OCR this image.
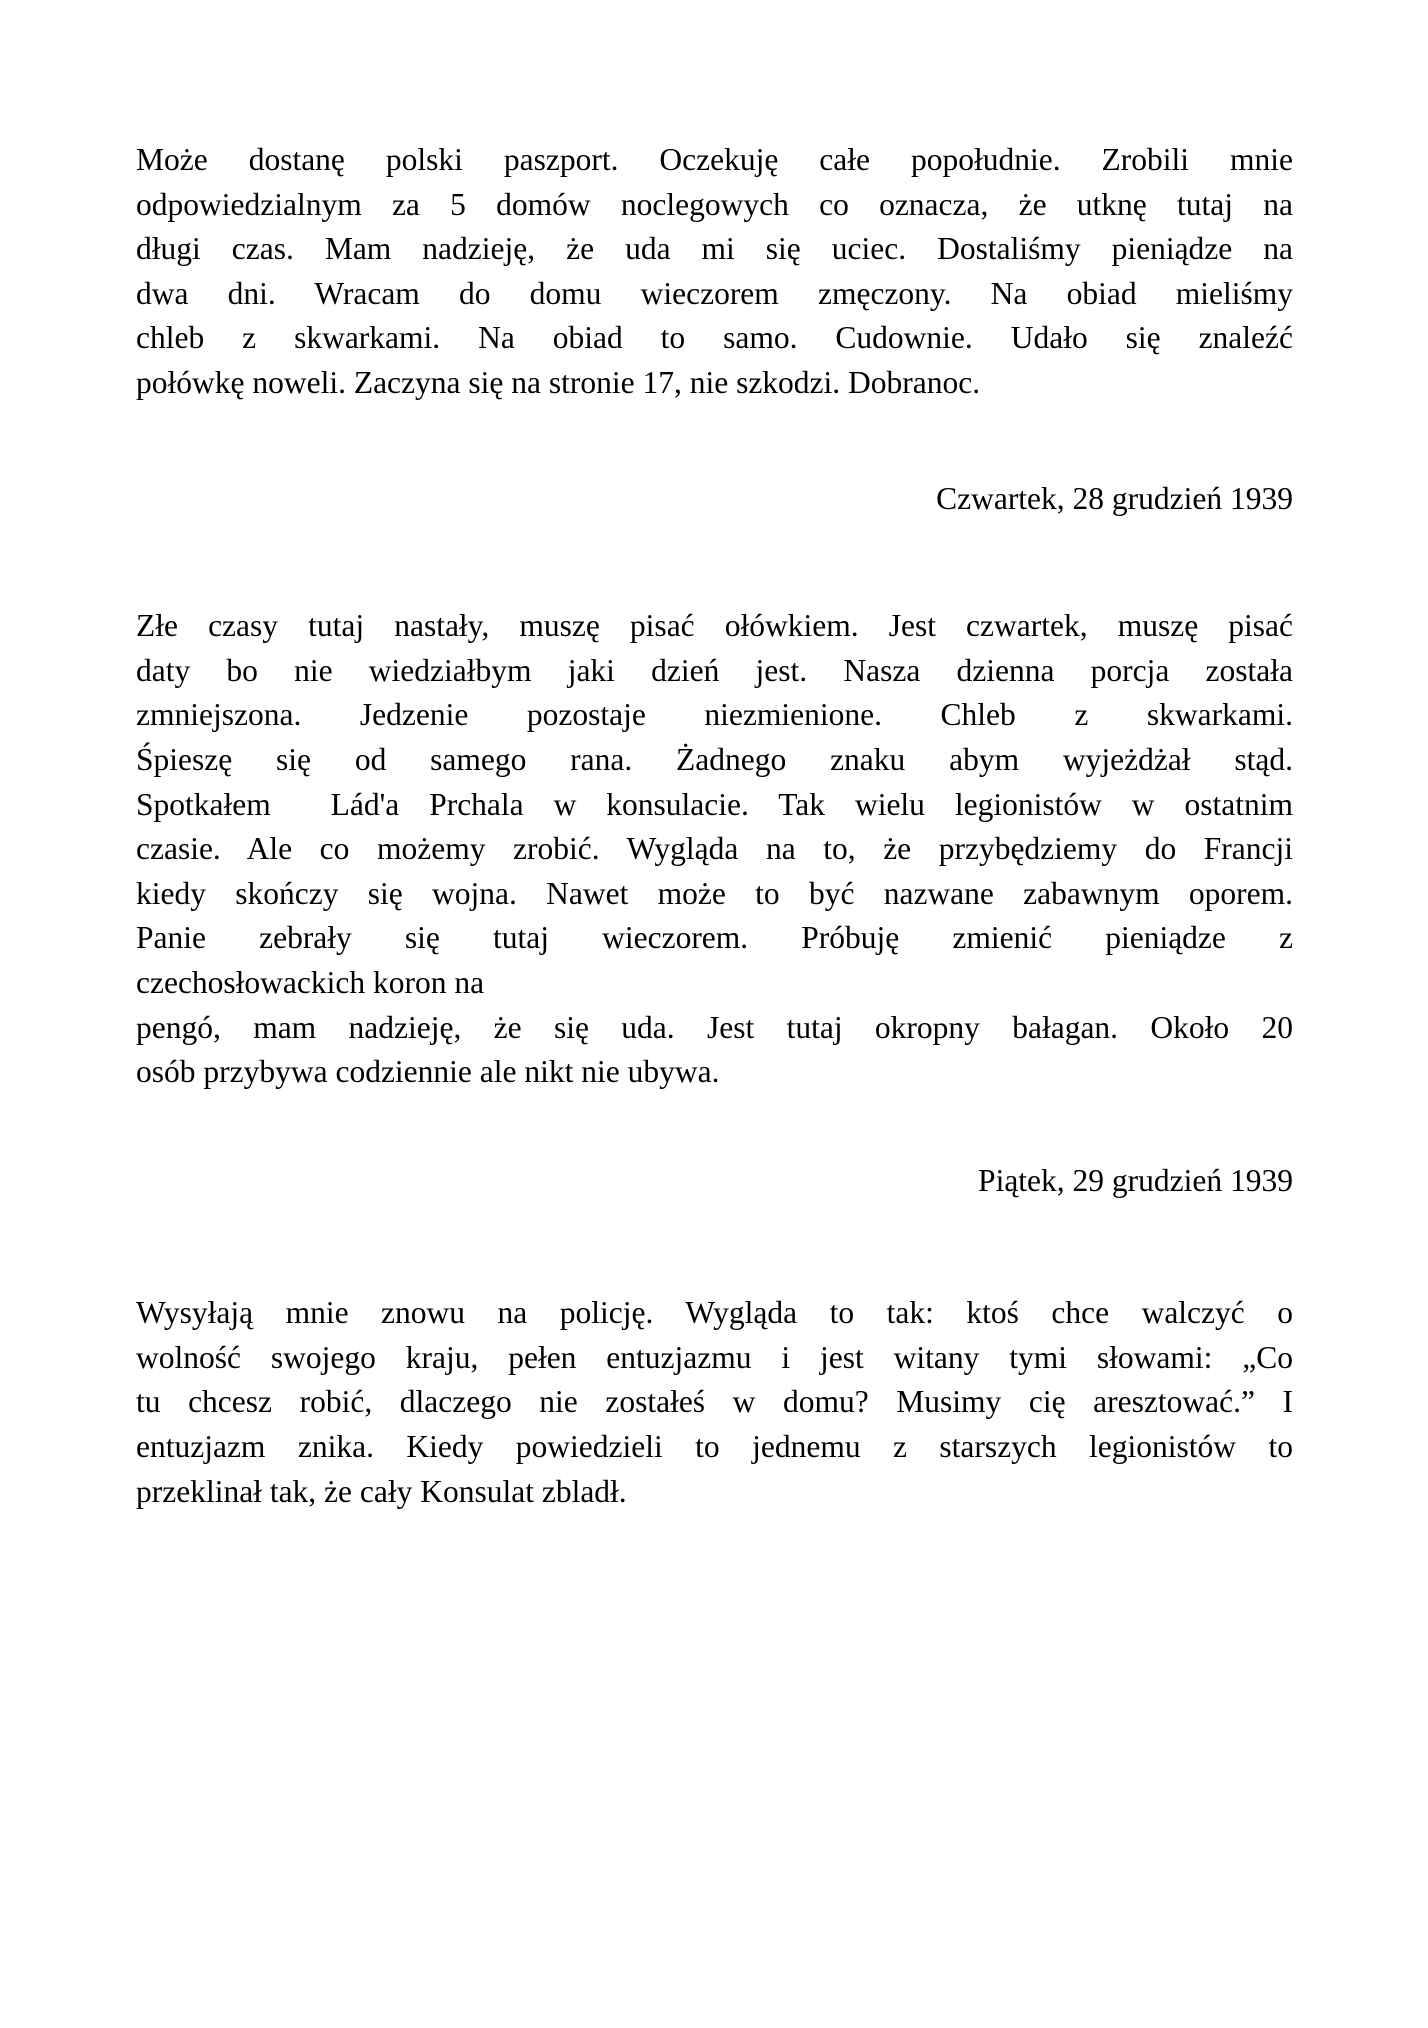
Może dostanę polski paszport. Oczekuję całe popołudnie. Zrobili mnie
odpowiedzialnym za 5 domów noclegowych co oznacza, że utknę tutaj na
długi czas. Mam nadzieję, że uda mi się uciec. Dostaliśmy pieniądze na
dwa dni. Wracam do domu wieczorem zmęczony. Na obiad mieliśmy
chleb z skwarkami. Na obiad to samo. Cudownie. Udało się znaleźć
połówkę noweli. Zaczyna się na stronie 17, nie szkodzi. Dobranoc.
Czwartek, 28 grudzień 1939
Złe czasy tutaj nastały, muszę pisać ołówkiem. Jest czwartek, muszę pisać
daty bo nie wiedziałbym jaki dzień jest. Nasza dzienna porcja została
zmniejszona. Jedzenie pozostaje niezmienione. Chleb z skwarkami.
Śpieszę się od samego rana. Żadnego znaku abym wyjeżdżał stąd.
Spotkałem  Lád'a Prchala w konsulacie. Tak wielu legionistów w ostatnim
czasie. Ale co możemy zrobić. Wygląda na to, że przybędziemy do Francji
kiedy skończy się wojna. Nawet może to być nazwane zabawnym oporem.
Panie zebrały się tutaj wieczorem. Próbuję zmienić pieniądze z
czechosłowackich koron na
pengó, mam nadzieję, że się uda. Jest tutaj okropny bałagan. Około 20
osób przybywa codziennie ale nikt nie ubywa.
Piątek, 29 grudzień 1939
Wysyłają mnie znowu na policję. Wygląda to tak: ktoś chce walczyć o
wolność swojego kraju, pełen entuzjazmu i jest witany tymi słowami: „Co
tu chcesz robić, dlaczego nie zostałeś w domu? Musimy cię aresztować.” I
entuzjazm znika. Kiedy powiedzieli to jednemu z starszych legionistów to
przeklinał tak, że cały Konsulat zbladł.
